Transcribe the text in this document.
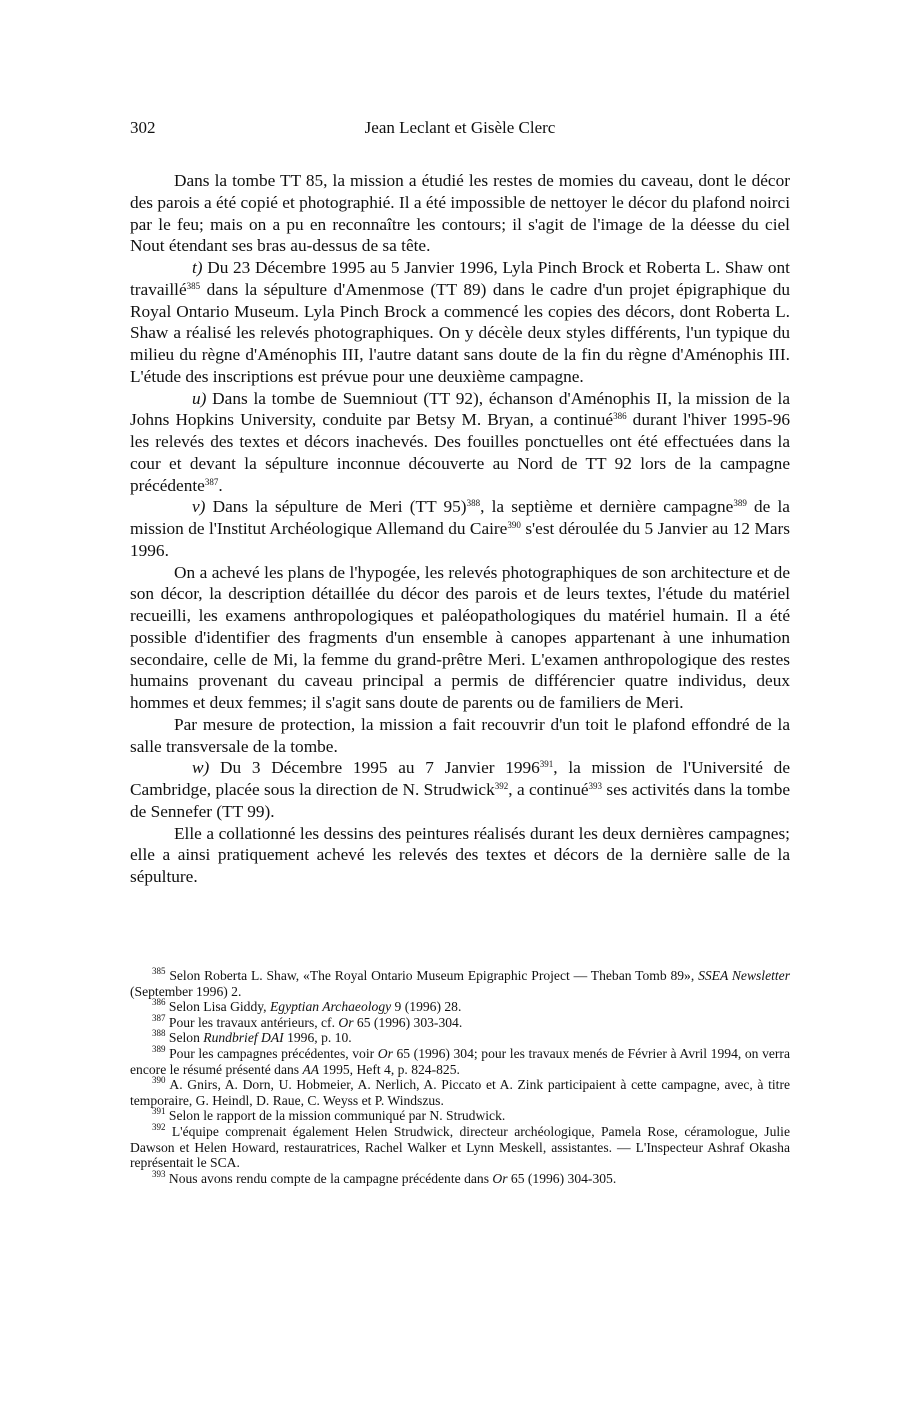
302	Jean Leclant et Gisèle Clerc

Dans la tombe TT 85, la mission a étudié les restes de momies du caveau, dont le décor des parois a été copié et photographié. Il a été impossible de nettoyer le décor du plafond noirci par le feu; mais on a pu en reconnaître les contours; il s'agit de l'image de la déesse du ciel Nout étendant ses bras au-dessus de sa tête.

t) Du 23 Décembre 1995 au 5 Janvier 1996, Lyla Pinch Brock et Roberta L. Shaw ont travaillé$^{385}$ dans la sépulture d'Amenmose (TT 89) dans le cadre d'un projet épigraphique du Royal Ontario Museum. Lyla Pinch Brock a commencé les copies des décors, dont Roberta L. Shaw a réalisé les relevés photographiques. On y décèle deux styles différents, l'un typique du milieu du règne d'Aménophis III, l'autre datant sans doute de la fin du règne d'Aménophis III. L'étude des inscriptions est prévue pour une deuxième campagne.

u) Dans la tombe de Suemniout (TT 92), échanson d'Aménophis II, la mission de la Johns Hopkins University, conduite par Betsy M. Bryan, a continué$^{386}$ durant l'hiver 1995-96 les relevés des textes et décors inachevés. Des fouilles ponctuelles ont été effectuées dans la cour et devant la sépulture inconnue découverte au Nord de TT 92 lors de la campagne précédente$^{387}$.

v) Dans la sépulture de Meri (TT 95)$^{388}$, la septième et dernière campagne$^{389}$ de la mission de l'Institut Archéologique Allemand du Caire$^{390}$ s'est déroulée du 5 Janvier au 12 Mars 1996.

On a achevé les plans de l'hypogée, les relevés photographiques de son architecture et de son décor, la description détaillée du décor des parois et de leurs textes, l'étude du matériel recueilli, les examens anthropologiques et paléopathologiques du matériel humain. Il a été possible d'identifier des fragments d'un ensemble à canopes appartenant à une inhumation secondaire, celle de Mi, la femme du grand-prêtre Meri. L'examen anthropologique des restes humains provenant du caveau principal a permis de différencier quatre individus, deux hommes et deux femmes; il s'agit sans doute de parents ou de familiers de Meri.

Par mesure de protection, la mission a fait recouvrir d'un toit le plafond effondré de la salle transversale de la tombe.

w) Du 3 Décembre 1995 au 7 Janvier 1996$^{391}$, la mission de l'Université de Cambridge, placée sous la direction de N. Strudwick$^{392}$, a continué$^{393}$ ses activités dans la tombe de Sennefer (TT 99).

Elle a collationné les dessins des peintures réalisés durant les deux dernières campagnes; elle a ainsi pratiquement achevé les relevés des textes et décors de la dernière salle de la sépulture.

$^{385}$ Selon Roberta L. Shaw, «The Royal Ontario Museum Epigraphic Project — Theban Tomb 89», SSEA Newsletter (September 1996) 2.

$^{386}$ Selon Lisa Giddy, Egyptian Archaeology 9 (1996) 28.

$^{387}$ Pour les travaux antérieurs, cf. Or 65 (1996) 303-304.

$^{388}$ Selon Rundbrief DAI 1996, p. 10.

$^{389}$ Pour les campagnes précédentes, voir Or 65 (1996) 304; pour les travaux menés de Février à Avril 1994, on verra encore le résumé présenté dans AA 1995, Heft 4, p. 824-825.

$^{390}$ A. Gnirs, A. Dorn, U. Hobmeier, A. Nerlich, A. Piccato et A. Zink participaient à cette campagne, avec, à titre temporaire, G. Heindl, D. Raue, C. Weyss et P. Windszus.

$^{391}$ Selon le rapport de la mission communiqué par N. Strudwick.

$^{392}$ L'équipe comprenait également Helen Strudwick, directeur archéologique, Pamela Rose, céramologue, Julie Dawson et Helen Howard, restauratrices, Rachel Walker et Lynn Meskell, assistantes. — L'Inspecteur Ashraf Okasha représentait le SCA.

$^{393}$ Nous avons rendu compte de la campagne précédente dans Or 65 (1996) 304-305.
